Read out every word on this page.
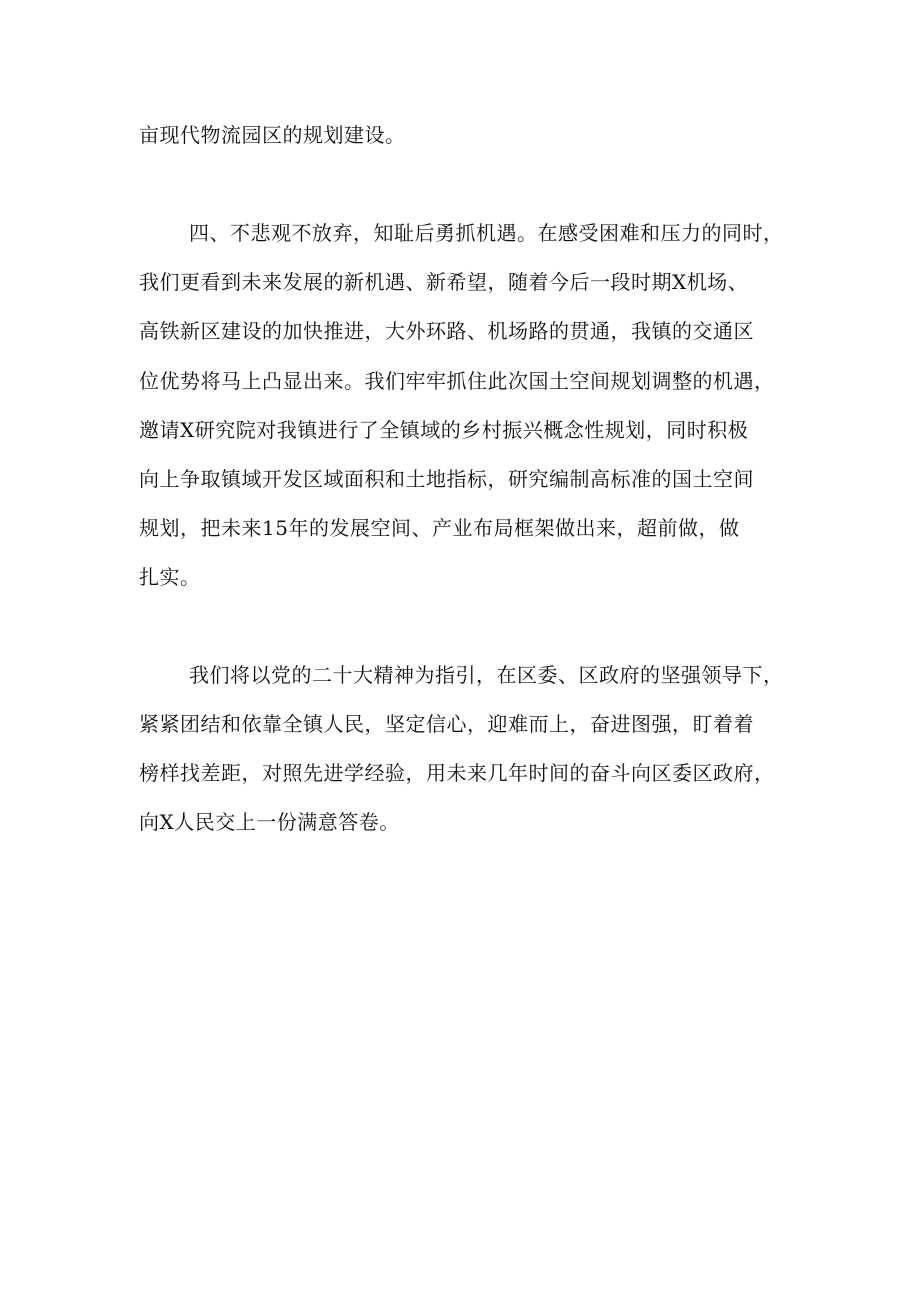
亩现代物流园区的规划建设。
四、不悲观不放弃，知耻后勇抓机遇。在感受困难和压力的同时，
我们更看到未来发展的新机遇、新希望，随着今后一段时期X机场、
高铁新区建设的加快推进，大外环路、机场路的贯通，我镇的交通区
位优势将马上凸显出来。我们牢牢抓住此次国土空间规划调整的机遇，
邀请X研究院对我镇进行了全镇域的乡村振兴概念性规划，同时积极
向上争取镇域开发区域面积和土地指标，研究编制高标准的国土空间
规划，把未来15年的发展空间、产业布局框架做出来，超前做，做
扎实。
我们将以党的二十大精神为指引，在区委、区政府的坚强领导下，
紧紧团结和依靠全镇人民，坚定信心，迎难而上，奋进图强，盯着着
榜样找差距，对照先进学经验，用未来几年时间的奋斗向区委区政府，
向X人民交上一份满意答卷。
